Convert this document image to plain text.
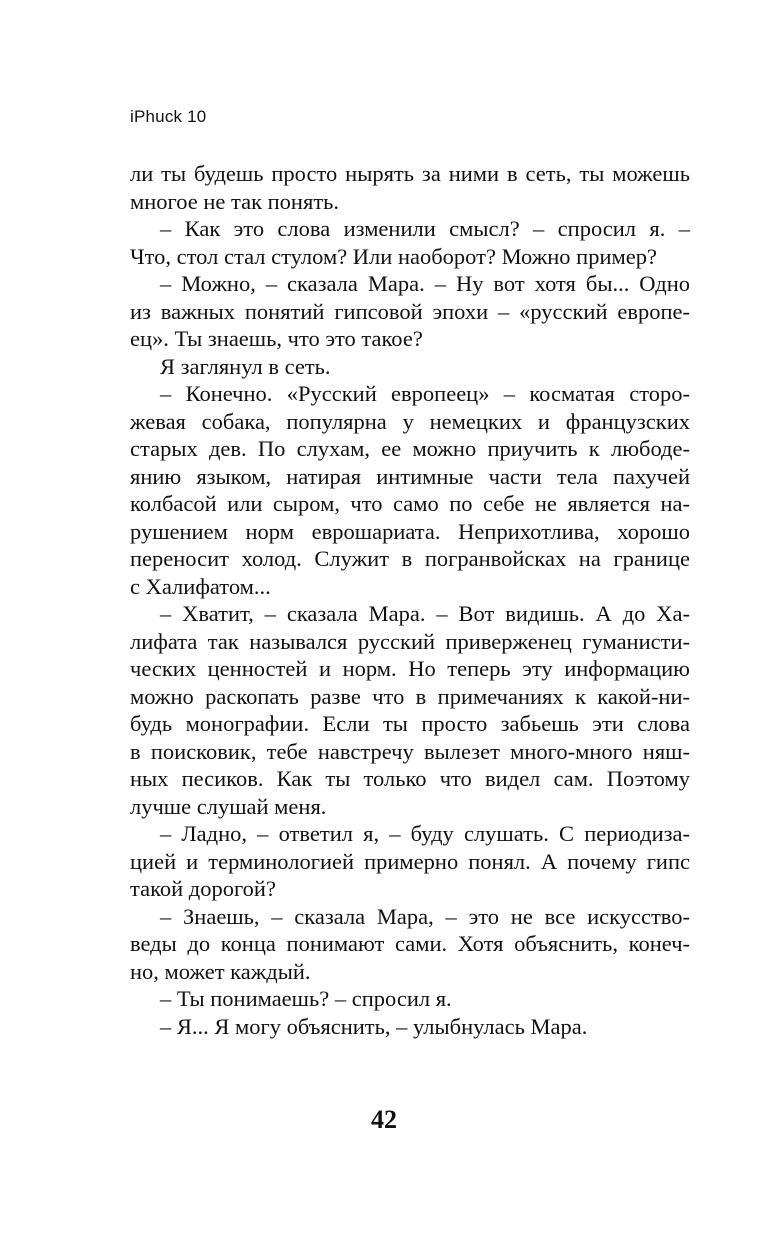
iPhuck 10
ли ты будешь просто нырять за ними в сеть, ты можешь
многое не так понять.
– Как это слова изменили смысл? – спросил я. –
Что, стол стал стулом? Или наоборот? Можно пример?
– Можно, – сказала Мара. – Ну вот хотя бы... Одно
из важных понятий гипсовой эпохи – «русский европе-
ец». Ты знаешь, что это такое?
Я заглянул в сеть.
– Конечно. «Русский европеец» – косматая сторо-
жевая собака, популярна у немецких и французских
старых дев. По слухам, ее можно приучить к любоде-
янию языком, натирая интимные части тела пахучей
колбасой или сыром, что само по себе не является на-
рушением норм еврошариата. Неприхотлива, хорошо
переносит холод. Служит в погранвойсках на границе
с Халифатом...
– Хватит, – сказала Мара. – Вот видишь. А до Ха-
лифата так назывался русский приверженец гуманисти-
ческих ценностей и норм. Но теперь эту информацию
можно раскопать разве что в примечаниях к какой-ни-
будь монографии. Если ты просто забьешь эти слова
в поисковик, тебе навстречу вылезет много-много няш-
ных песиков. Как ты только что видел сам. Поэтому
лучше слушай меня.
– Ладно, – ответил я, – буду слушать. С периодиза-
цией и терминологией примерно понял. А почему гипс
такой дорогой?
– Знаешь, – сказала Мара, – это не все искусство-
веды до конца понимают сами. Хотя объяснить, конеч-
но, может каждый.
– Ты понимаешь? – спросил я.
– Я... Я могу объяснить, – улыбнулась Мара.
42
